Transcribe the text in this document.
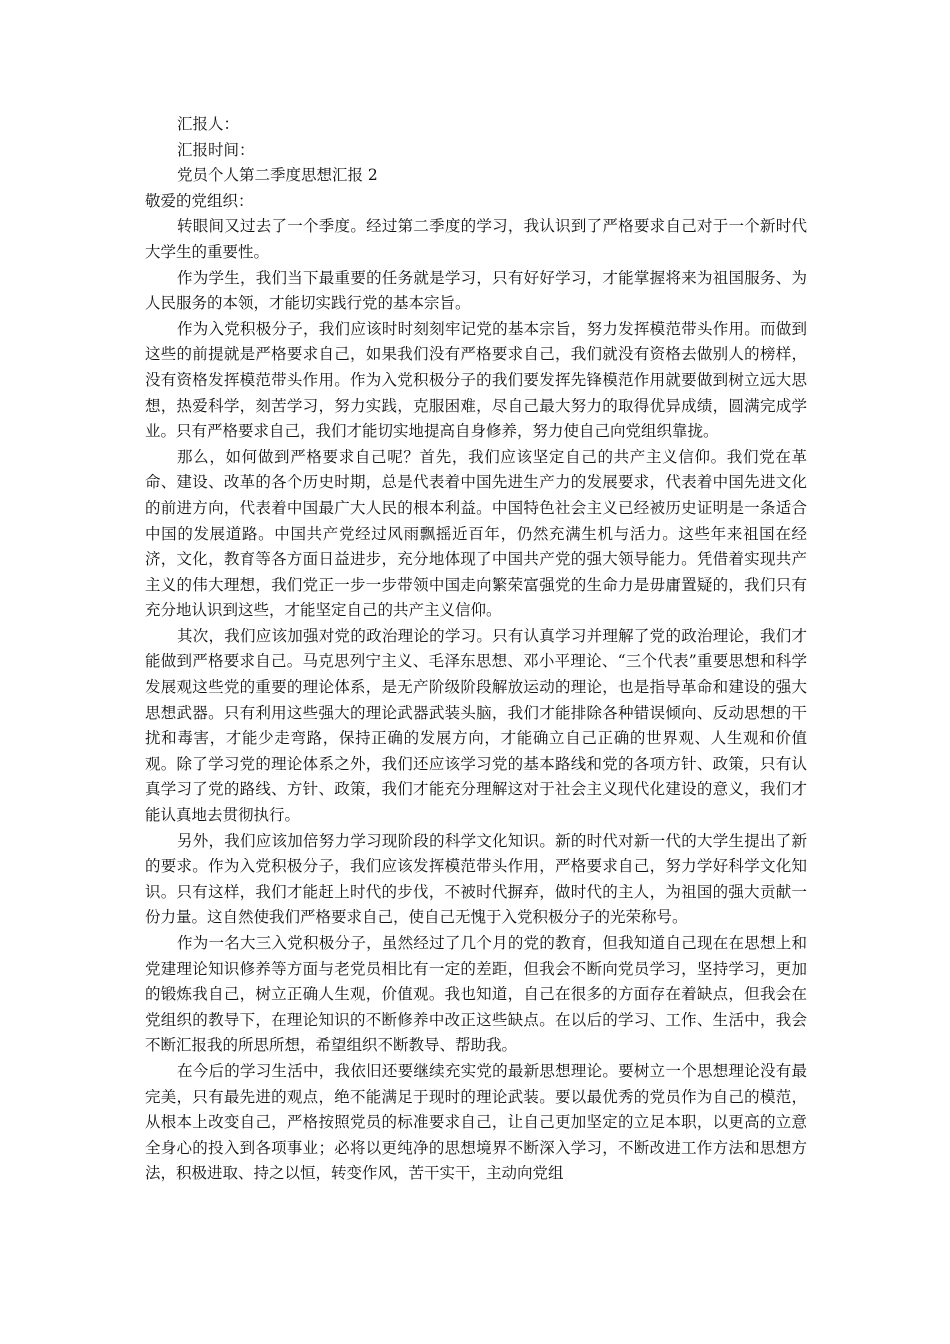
汇报人：
汇报时间：
党员个人第二季度思想汇报 2
敬爱的党组织：

转眼间又过去了一个季度。经过第二季度的学习，我认识到了严格要求自己对于一个新时代大学生的重要性。

作为学生，我们当下最重要的任务就是学习，只有好好学习，才能掌握将来为祖国服务、为人民服务的本领，才能切实践行党的基本宗旨。

作为入党积极分子，我们应该时时刻刻牢记党的基本宗旨，努力发挥模范带头作用。而做到这些的前提就是严格要求自己，如果我们没有严格要求自己，我们就没有资格去做别人的榜样，没有资格发挥模范带头作用。作为入党积极分子的我们要发挥先锋模范作用就要做到树立远大思想，热爱科学，刻苦学习，努力实践，克服困难，尽自己最大努力的取得优异成绩，圆满完成学业。只有严格要求自己，我们才能切实地提高自身修养，努力使自己向党组织靠拢。

那么，如何做到严格要求自己呢？首先，我们应该坚定自己的共产主义信仰。我们党在革命、建设、改革的各个历史时期，总是代表着中国先进生产力的发展要求，代表着中国先进文化的前进方向，代表着中国最广大人民的根本利益。中国特色社会主义已经被历史证明是一条适合中国的发展道路。中国共产党经过风雨飘摇近百年，仍然充满生机与活力。这些年来祖国在经济，文化，教育等各方面日益进步，充分地体现了中国共产党的强大领导能力。凭借着实现共产主义的伟大理想，我们党正一步一步带领中国走向繁荣富强党的生命力是毋庸置疑的，我们只有充分地认识到这些，才能坚定自己的共产主义信仰。

其次，我们应该加强对党的政治理论的学习。只有认真学习并理解了党的政治理论，我们才能做到严格要求自己。马克思列宁主义、毛泽东思想、邓小平理论、“三个代表”重要思想和科学发展观这些党的重要的理论体系，是无产阶级阶段解放运动的理论，也是指导革命和建设的强大思想武器。只有利用这些强大的理论武器武装头脑，我们才能排除各种错误倾向、反动思想的干扰和毒害，才能少走弯路，保持正确的发展方向，才能确立自己正确的世界观、人生观和价值观。除了学习党的理论体系之外，我们还应该学习党的基本路线和党的各项方针、政策，只有认真学习了党的路线、方针、政策，我们才能充分理解这对于社会主义现代化建设的意义，我们才能认真地去贯彻执行。

另外，我们应该加倍努力学习现阶段的科学文化知识。新的时代对新一代的大学生提出了新的要求。作为入党积极分子，我们应该发挥模范带头作用，严格要求自己，努力学好科学文化知识。只有这样，我们才能赶上时代的步伐，不被时代摒弃，做时代的主人，为祖国的强大贡献一份力量。这自然使我们严格要求自己，使自己无愧于入党积极分子的光荣称号。

作为一名大三入党积极分子，虽然经过了几个月的党的教育，但我知道自己现在在思想上和党建理论知识修养等方面与老党员相比有一定的差距，但我会不断向党员学习，坚持学习，更加的锻炼我自己，树立正确人生观，价值观。我也知道，自己在很多的方面存在着缺点，但我会在党组织的教导下，在理论知识的不断修养中改正这些缺点。在以后的学习、工作、生活中，我会不断汇报我的所思所想，希望组织不断教导、帮助我。

在今后的学习生活中，我依旧还要继续充实党的最新思想理论。要树立一个思想理论没有最完美，只有最先进的观点，绝不能满足于现时的理论武装。要以最优秀的党员作为自己的模范，从根本上改变自己，严格按照党员的标准要求自己，让自己更加坚定的立足本职，以更高的立意全身心的投入到各项事业；必将以更纯净的思想境界不断深入学习，不断改进工作方法和思想方法，积极进取、持之以恒，转变作风，苦干实干，主动向党组
